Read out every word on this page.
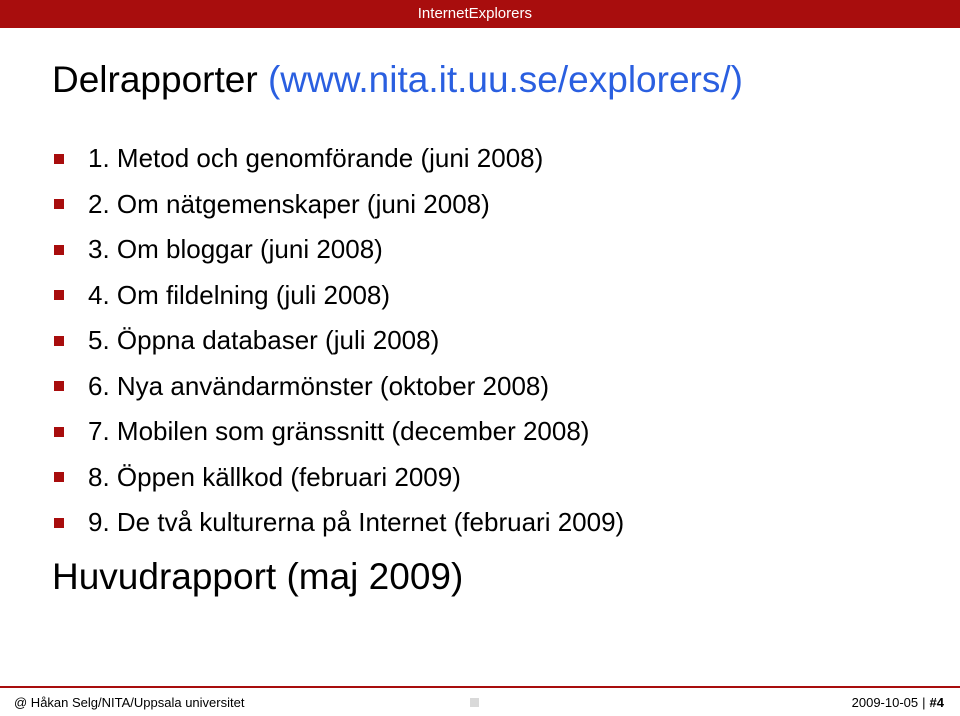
InternetExplorers
Delrapporter (www.nita.it.uu.se/explorers/)
1. Metod och genomförande (juni 2008)
2. Om nätgemenskaper (juni 2008)
3. Om bloggar (juni 2008)
4. Om fildelning (juli 2008)
5. Öppna databaser (juli 2008)
6. Nya användarmönster (oktober 2008)
7. Mobilen som gränssnitt (december 2008)
8. Öppen källkod (februari 2009)
9. De två kulturerna på Internet (februari 2009)
Huvudrapport (maj 2009)
@ Håkan Selg/NITA/Uppsala universitet	2009-10-05 | #4
